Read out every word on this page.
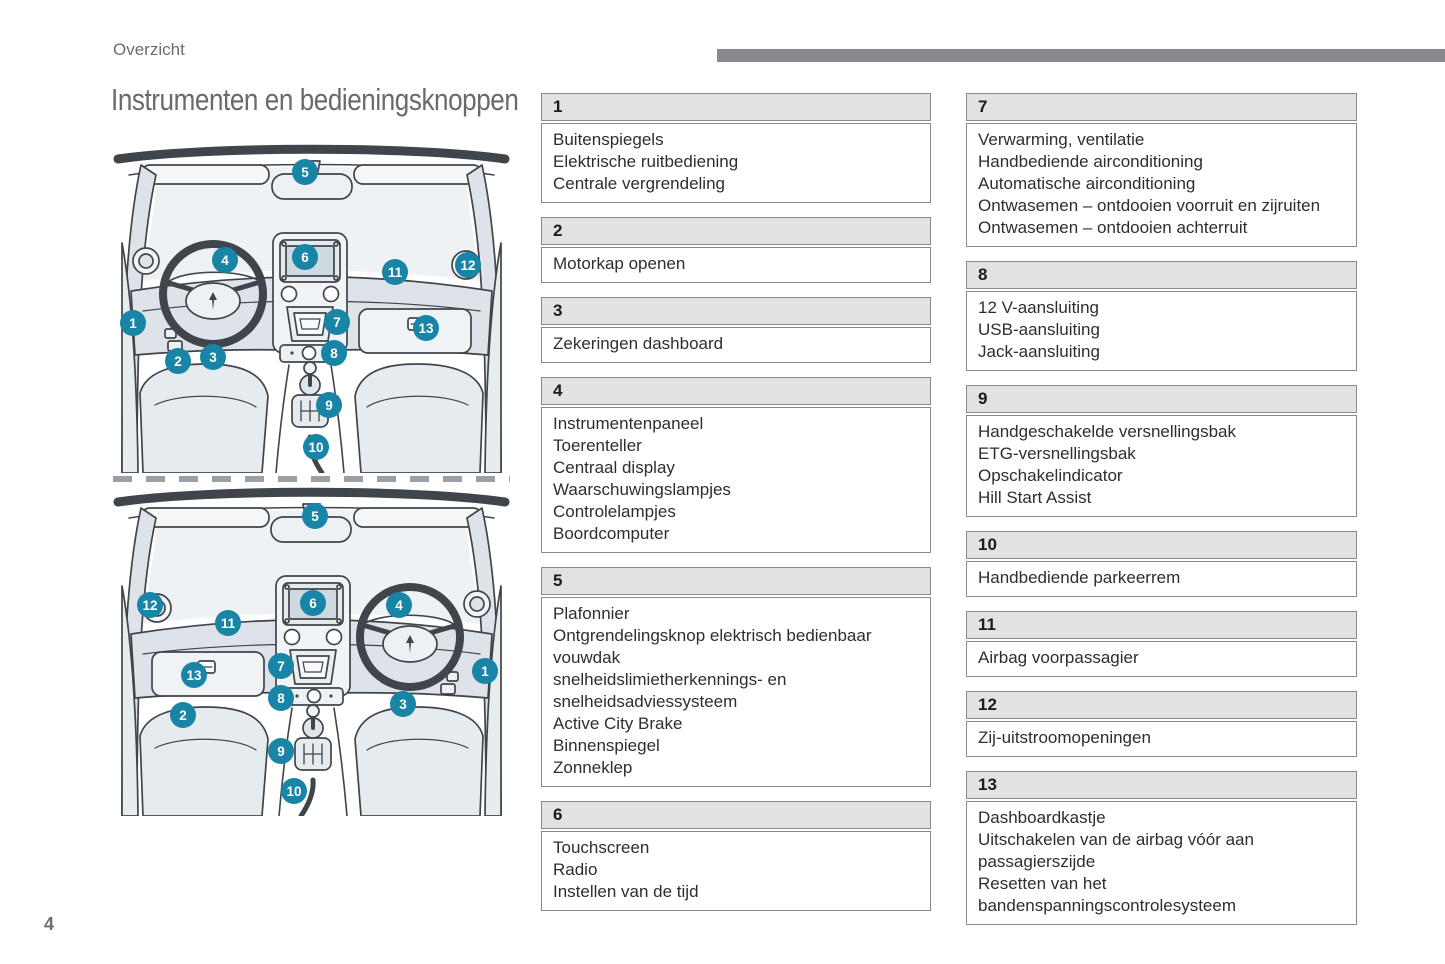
Overzicht
Instrumenten en bedieningsknoppen
1
2 3
4
5
6
7
8
9
10
11	12
13
1
2
3
4
5
6
7
8
9
10
11
12
13
1
Buitenspiegels
Elektrische ruitbediening
Centrale vergrendeling
2
Motorkap openen
3
Zekeringen dashboard
4
Instrumentenpaneel
Toerenteller
Centraal display
Waarschuwingslampjes
Controlelampjes
Boordcomputer
5
Plafonnier
Ontgrendelingsknop elektrisch bedienbaar vouwdak
snelheidslimietherkennings- en snelheidsadviessysteem
Active City Brake
Binnenspiegel
Zonneklep
6
Touchscreen
Radio
Instellen van de tijd
7
Verwarming, ventilatie
Handbediende airconditioning
Automatische airconditioning
Ontwasemen – ontdooien voorruit en zijruiten
Ontwasemen – ontdooien achterruit
8
12 V-aansluiting
USB-aansluiting
Jack-aansluiting
9
Handgeschakelde versnellingsbak
ETG-versnellingsbak
Opschakelindicator
Hill Start Assist
10
Handbediende parkeerrem
11
Airbag voorpassagier
12
Zij-uitstroomopeningen
13
Dashboardkastje
Uitschakelen van de airbag vóór aan passagierszijde
Resetten van het bandenspanningscontrolesysteem
4
